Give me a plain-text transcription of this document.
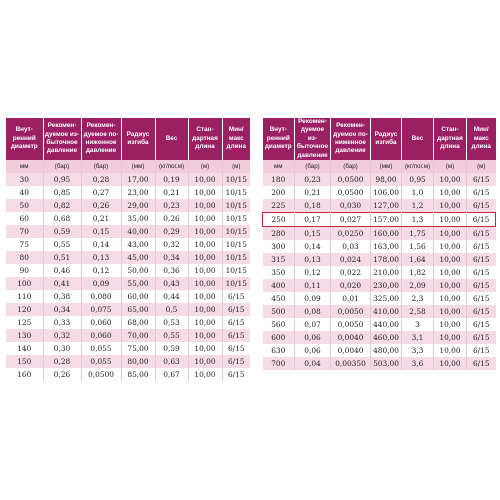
Внут-
ренний
диаметр	Рекомен-
дуемое из-
быточное
давление	Рекомен-
дуемое по-
ниженное
давление	Радиус
изгиба	Вес	Стан-
дартная
длина	Мин/
макс
длина
мм	(бар)	(бар)	(мм)	(кг/пог.м)	(м)	(м)
30	0,95	0,28	17,00	0,19	10,00	10/15
40	0,85	0,27	23,00	0,21	10,00	10/15
50	0,82	0,26	29,00	0,23	10,00	10/15
60	0,68	0,21	35,00	0,26	10,00	10/15
70	0,59	0,15	40,00	0,29	10,00	10/15
75	0,55	0,14	43,00	0,32	10,00	10/15
80	0,51	0,13	45,00	0,34	10,00	10/15
90	0,46	0,12	50,00	0,36	10,00	10/15
100	0,41	0,09	55,00	0,43	10,00	10/15
110	0,38	0,080	60,00	0,44	10,00	6/15
120	0,34	0,075	65,00	0,5	10,00	6/15
125	0,33	0,060	68,00	0,53	10,00	6/15
130	0,32	0,060	70,00	0,55	10,00	6/15
140	0,30	0,055	75,00	0,59	10,00	6/15
150	0,28	0,055	80,00	0,63	10,00	6/15
160	0,26	0,0500	85,00	0,67	10,00	6/15
Внут-
ренний
диаметр	Рекомен-
дуемое из-
быточное
давление	Рекомен-
дуемое по-
ниженное
давление	Радиус
изгиба	Вес	Стан-
дартная
длина	Мин/
макс
длина
мм	(бар)	(бар)	(мм)	(кг/пог.м)	(м)	(м)
180	0,23	0,0500	98,00	0,95	10,00	6/15
200	0,21	0,0500	106,00	1,0	10,00	6/15
225	0,18	0,030	127,00	1,2	10,00	6/15
250	0,17	0,027	157,00	1,3	10,00	6/15
280	0,15	0,0250	160,00	1,75	10,00	6/15
300	0,14	0,03	163,00	1,56	10,00	6/15
315	0,13	0,024	178,00	1,64	10,00	6/15
350	0,12	0,022	210,00	1,82	10,00	6/15
400	0,11	0,020	230,00	2,09	10,00	6/15
450	0,09	0,01	325,00	2,3	10,00	6/15
500	0,08	0,0050	410,00	2,58	10,00	6/15
560	0,07	0,0050	440,00	3	10,00	6/15
600	0,06	0,0040	460,00	3,1	10,00	6/15
630	0,06	0,0040	480,00	3,3	10,00	6/15
700	0,04	0,00350	503,00	3,6	10,00	6/15
